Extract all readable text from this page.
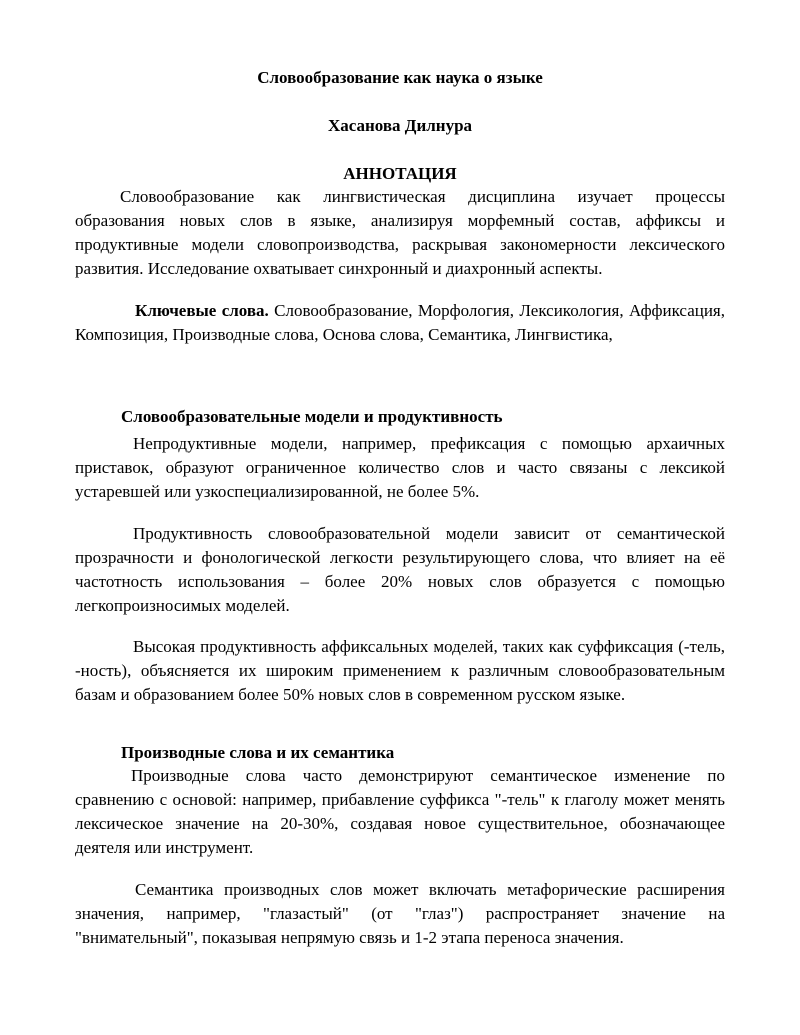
Словообразование как наука о языке
Хасанова Дилнура
АННОТАЦИЯ

Словообразование как лингвистическая дисциплина изучает процессы образования новых слов в языке, анализируя морфемный состав, аффиксы и продуктивные модели словопроизводства, раскрывая закономерности лексического развития. Исследование охватывает синхронный и диахронный аспекты.

Ключевые слова. Словообразование, Морфология, Лексикология, Аффиксация, Композиция, Производные слова, Основа слова, Семантика, Лингвистика,

Словообразовательные модели и продуктивность

Непродуктивные модели, например, префиксация с помощью архаичных приставок, образуют ограниченное количество слов и часто связаны с лексикой устаревшей или узкоспециализированной, не более 5%.

Продуктивность словообразовательной модели зависит от семантической прозрачности и фонологической легкости результирующего слова, что влияет на её частотность использования – более 20% новых слов образуется с помощью легкопроизносимых моделей.

Высокая продуктивность аффиксальных моделей, таких как суффиксация (-тель, -ность), объясняется их широким применением к различным словообразовательным базам и образованием более 50% новых слов в современном русском языке.

Производные слова и их семантика

Производные слова часто демонстрируют семантическое изменение по сравнению с основой: например, прибавление суффикса "-тель" к глаголу может менять лексическое значение на 20-30%, создавая новое существительное, обозначающее деятеля или инструмент.

Семантика производных слов может включать метафорические расширения значения, например, "глазастый" (от "глаз") распространяет значение на "внимательный", показывая непрямую связь и 1-2 этапа переноса значения.
